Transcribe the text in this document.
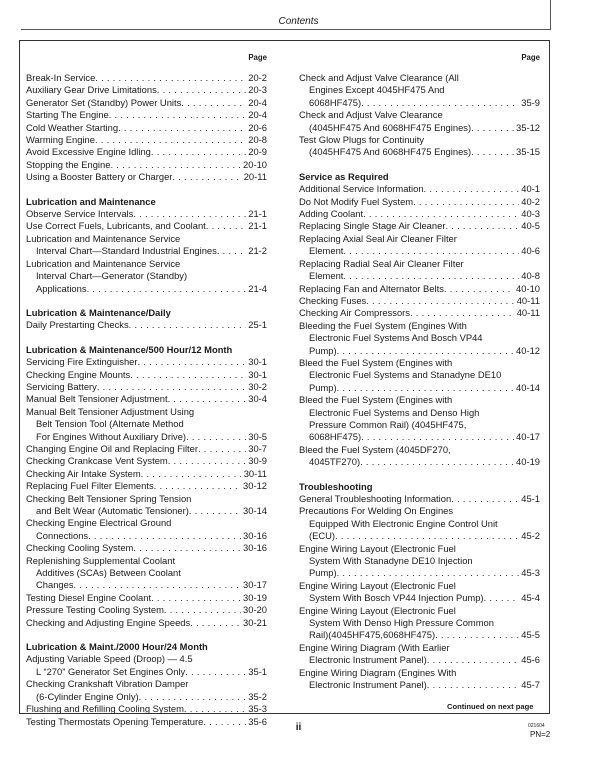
Contents
Page
Break-In Service . . .	20-2
Auxiliary Gear Drive Limitations . . .	20-3
Generator Set (Standby) Power Units . . .	20-4
Starting The Engine . . .	20-4
Cold Weather Starting . . .	20-6
Warming Engine . . .	20-8
Avoid Excessive Engine Idling . . .	20-9
Stopping the Engine . . .	20-10
Using a Booster Battery or Charger . . .	20-11
Lubrication and Maintenance
Observe Service Intervals . . .	21-1
Use Correct Fuels, Lubricants, and Coolant . . .	21-1
Lubrication and Maintenance Service
Interval Chart—Standard Industrial Engines . . .	21-2
Lubrication and Maintenance Service
Interval Chart—Generator (Standby)
Applications . . .	21-4
Lubrication & Maintenance/Daily
Daily Prestarting Checks . . .	25-1
Lubrication & Maintenance/500 Hour/12 Month
Servicing Fire Extinguisher . . .	30-1
Checking Engine Mounts . . .	30-1
Servicing Battery . . .	30-2
Manual Belt Tensioner Adjustment . . .	30-4
Manual Belt Tensioner Adjustment Using
Belt Tension Tool (Alternate Method
For Engines Without Auxiliary Drive) . . .	30-5
Changing Engine Oil and Replacing Filter . . .	30-7
Checking Crankcase Vent System . . .	30-9
Checking Air Intake System . . .	30-11
Replacing Fuel Filter Elements . . .	30-12
Checking Belt Tensioner Spring Tension
and Belt Wear (Automatic Tensioner) . . .	30-14
Checking Engine Electrical Ground
Connections . . .	30-16
Checking Cooling System . . .	30-16
Replenishing Supplemental Coolant
Additives (SCAs) Between Coolant
Changes . . .	30-17
Testing Diesel Engine Coolant . . .	30-19
Pressure Testing Cooling System . . .	30-20
Checking and Adjusting Engine Speeds . . .	30-21
Lubrication & Maint./2000 Hour/24 Month
Adjusting Variable Speed (Droop) — 4.5
L “270” Generator Set Engines Only . . .	35-1
Checking Crankshaft Vibration Damper
(6-Cylinder Engine Only) . . .	35-2
Flushing and Refilling Cooling System . . .	35-3
Testing Thermostats Opening Temperature . . .	35-6
Page
Check and Adjust Valve Clearance (All
Engines Except 4045HF475 And
6068HF475) . . .	35-9
Check and Adjust Valve Clearance
(4045HF475 And 6068HF475 Engines) . . .	35-12
Test Glow Plugs for Continuity
(4045HF475 And 6068HF475 Engines) . . .	35-15
Service as Required
Additional Service Information . . .	40-1
Do Not Modify Fuel System . . .	40-2
Adding Coolant . . .	40-3
Replacing Single Stage Air Cleaner . . .	40-5
Replacing Axial Seal Air Cleaner Filter
Element . . .	40-6
Replacing Radial Seal Air Cleaner Filter
Element . . .	40-8
Replacing Fan and Alternator Belts . . .	40-10
Checking Fuses . . .	40-11
Checking Air Compressors . . .	40-11
Bleeding the Fuel System (Engines With
Electronic Fuel Systems And Bosch VP44
Pump) . . .	40-12
Bleed the Fuel System (Engines with
Electronic Fuel Systems and Stanadyne DE10
Pump) . . .	40-14
Bleed the Fuel System (Engines with
Electronic Fuel Systems and Denso High
Pressure Common Rail) (4045HF475,
6068HF475) . . .	40-17
Bleed the Fuel System (4045DF270,
4045TF270) . . .	40-19
Troubleshooting
General Troubleshooting Information . . .	45-1
Precautions For Welding On Engines
Equipped With Electronic Engine Control Unit
(ECU) . . .	45-2
Engine Wiring Layout (Electronic Fuel
System With Stanadyne DE10 Injection
Pump) . . .	45-3
Engine Wiring Layout (Electronic Fuel
System With Bosch VP44 Injection Pump) . . .	45-4
Engine Wiring Layout (Electronic Fuel
System With Denso High Pressure Common
Rail)(4045HF475,6068HF475) . . .	45-5
Engine Wiring Diagram (With Earlier
Electronic Instrument Panel) . . .	45-6
Engine Wiring Diagram (Engines With
Electronic Instrument Panel) . . .	45-7
Continued on next page
ii	021604
PN=2
